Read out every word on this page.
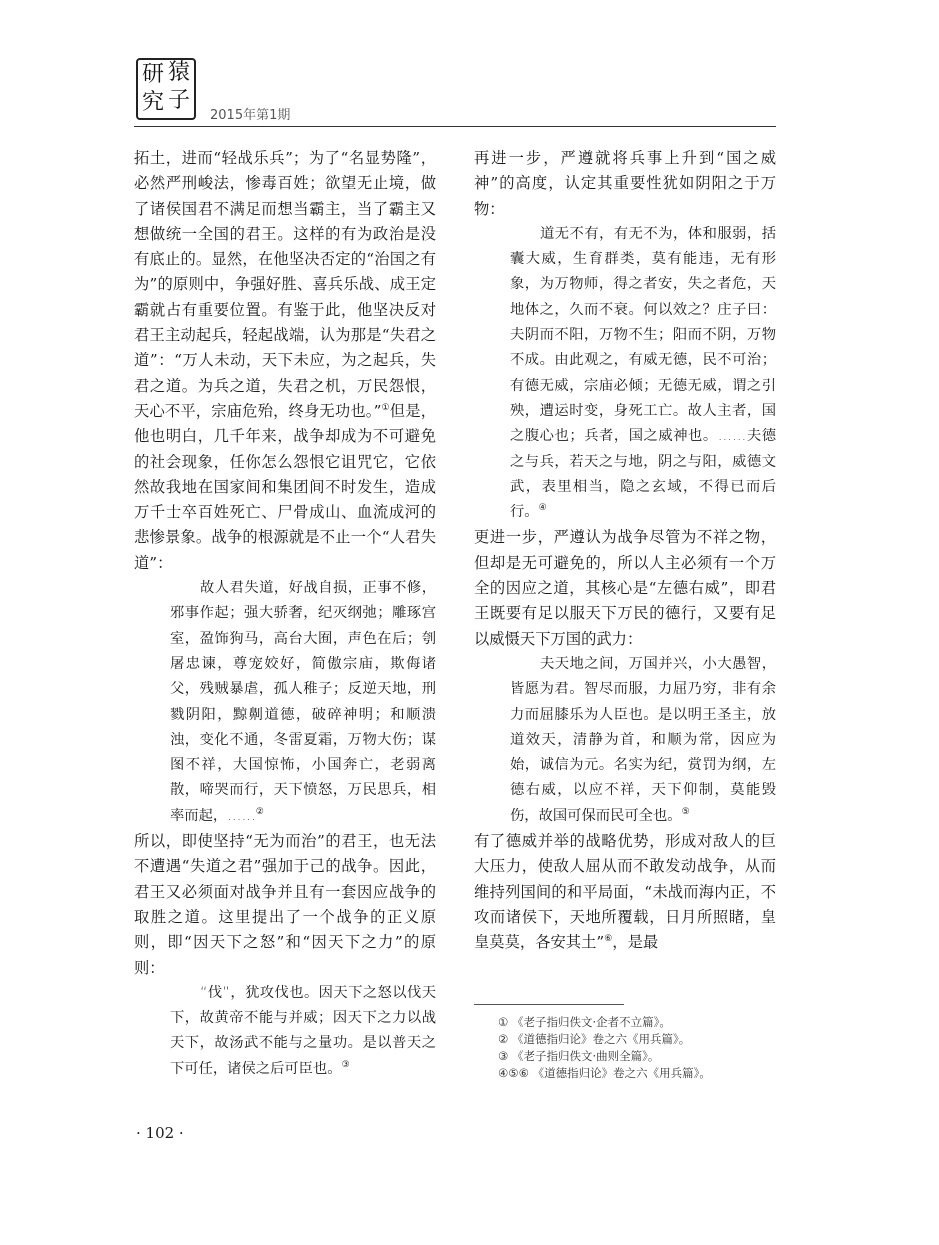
研
究
猿
子
2015年第1期

拓土，进而“轻战乐兵”；为了“名显势隆”，必然严刑峻法，惨毒百姓；欲望无止境，做了诸侯国君不满足而想当霸主，当了霸主又想做统一全国的君王。这样的有为政治是没有底止的。显然，在他坚决否定的“治国之有为”的原则中，争强好胜、喜兵乐战、成王定霸就占有重要位置。有鉴于此，他坚决反对君王主动起兵，轻起战端，认为那是“失君之道”：“万人未动，天下未应，为之起兵，失君之道。为兵之道，失君之机，万民怨恨，天心不平，宗庙危殆，终身无功也。”①但是，他也明白，几千年来，战争却成为不可避免的社会现象，任你怎么怨恨它诅咒它，它依然故我地在国家间和集团间不时发生，造成万千士卒百姓死亡、尸骨成山、血流成河的悲惨景象。战争的根源就是不止一个“人君失道”：

故人君失道，好战自损，正事不修，邪事作起；强大骄奢，纪灭纲弛；雕琢宫室，盈饰狗马，高台大囿，声色在后；刳屠忠谏，尊宠姣好，简傲宗庙，欺侮诸父，残贼暴虐，孤人稚子；反逆天地，刑戮阴阳，黥劓道德，破碎神明；和顺溃浊，变化不通，冬雷夏霜，万物大伤；谋图不祥，大国惊怖，小国奔亡，老弱离散，啼哭而行，天下愤怒，万民思兵，相率而起，……②

所以，即使坚持“无为而治”的君王，也无法不遭遇“失道之君”强加于己的战争。因此，君王又必须面对战争并且有一套因应战争的取胜之道。这里提出了一个战争的正义原则，即“因天下之怒”和“因天下之力”的原则：

“伐”，犹攻伐也。因天下之怒以伐天下，故黄帝不能与并威；因天下之力以战天下，故汤武不能与之量功。是以普天之下可任，诸侯之后可臣也。③

再进一步，严遵就将兵事上升到“国之威神”的高度，认定其重要性犹如阴阳之于万物：

道无不有，有无不为，体和服弱，括囊大威，生育群类，莫有能违，无有形象，为万物师，得之者安，失之者危，天地体之，久而不衰。何以效之？庄子曰：夫阴而不阳，万物不生；阳而不阴，万物不成。由此观之，有威无德，民不可治；有德无威，宗庙必倾；无德无威，谓之引殃，遭运时变，身死工亡。故人主者，国之腹心也；兵者，国之威神也。……夫德之与兵，若天之与地，阴之与阳，威德文武，表里相当，隐之玄域，不得已而后行。④

更进一步，严遵认为战争尽管为不祥之物，但却是无可避免的，所以人主必须有一个万全的因应之道，其核心是“左德右威”，即君王既要有足以服天下万民的德行，又要有足以威慑天下万国的武力：

夫天地之间，万国并兴，小大愚智，皆愿为君。智尽而服，力屈乃穷，非有余力而屈膝乐为人臣也。是以明王圣主，放道效天，清静为首，和顺为常，因应为始，诚信为元。名实为纪，赏罚为纲，左德右威，以应不祥，天下仰制，莫能毁伤，故国可保而民可全也。⑤

有了德威并举的战略优势，形成对敌人的巨大压力，使敌人屈从而不敢发动战争，从而维持列国间的和平局面，“未战而海内正，不攻而诸侯下，天地所覆载，日月所照睹，皇皇莫莫，各安其土”⑥，是最

① 《老子指归佚文·企者不立篇》。
② 《道德指归论》卷之六《用兵篇》。
③ 《老子指归佚文·曲则全篇》。
④⑤⑥ 《道德指归论》卷之六《用兵篇》。
· 102 ·
